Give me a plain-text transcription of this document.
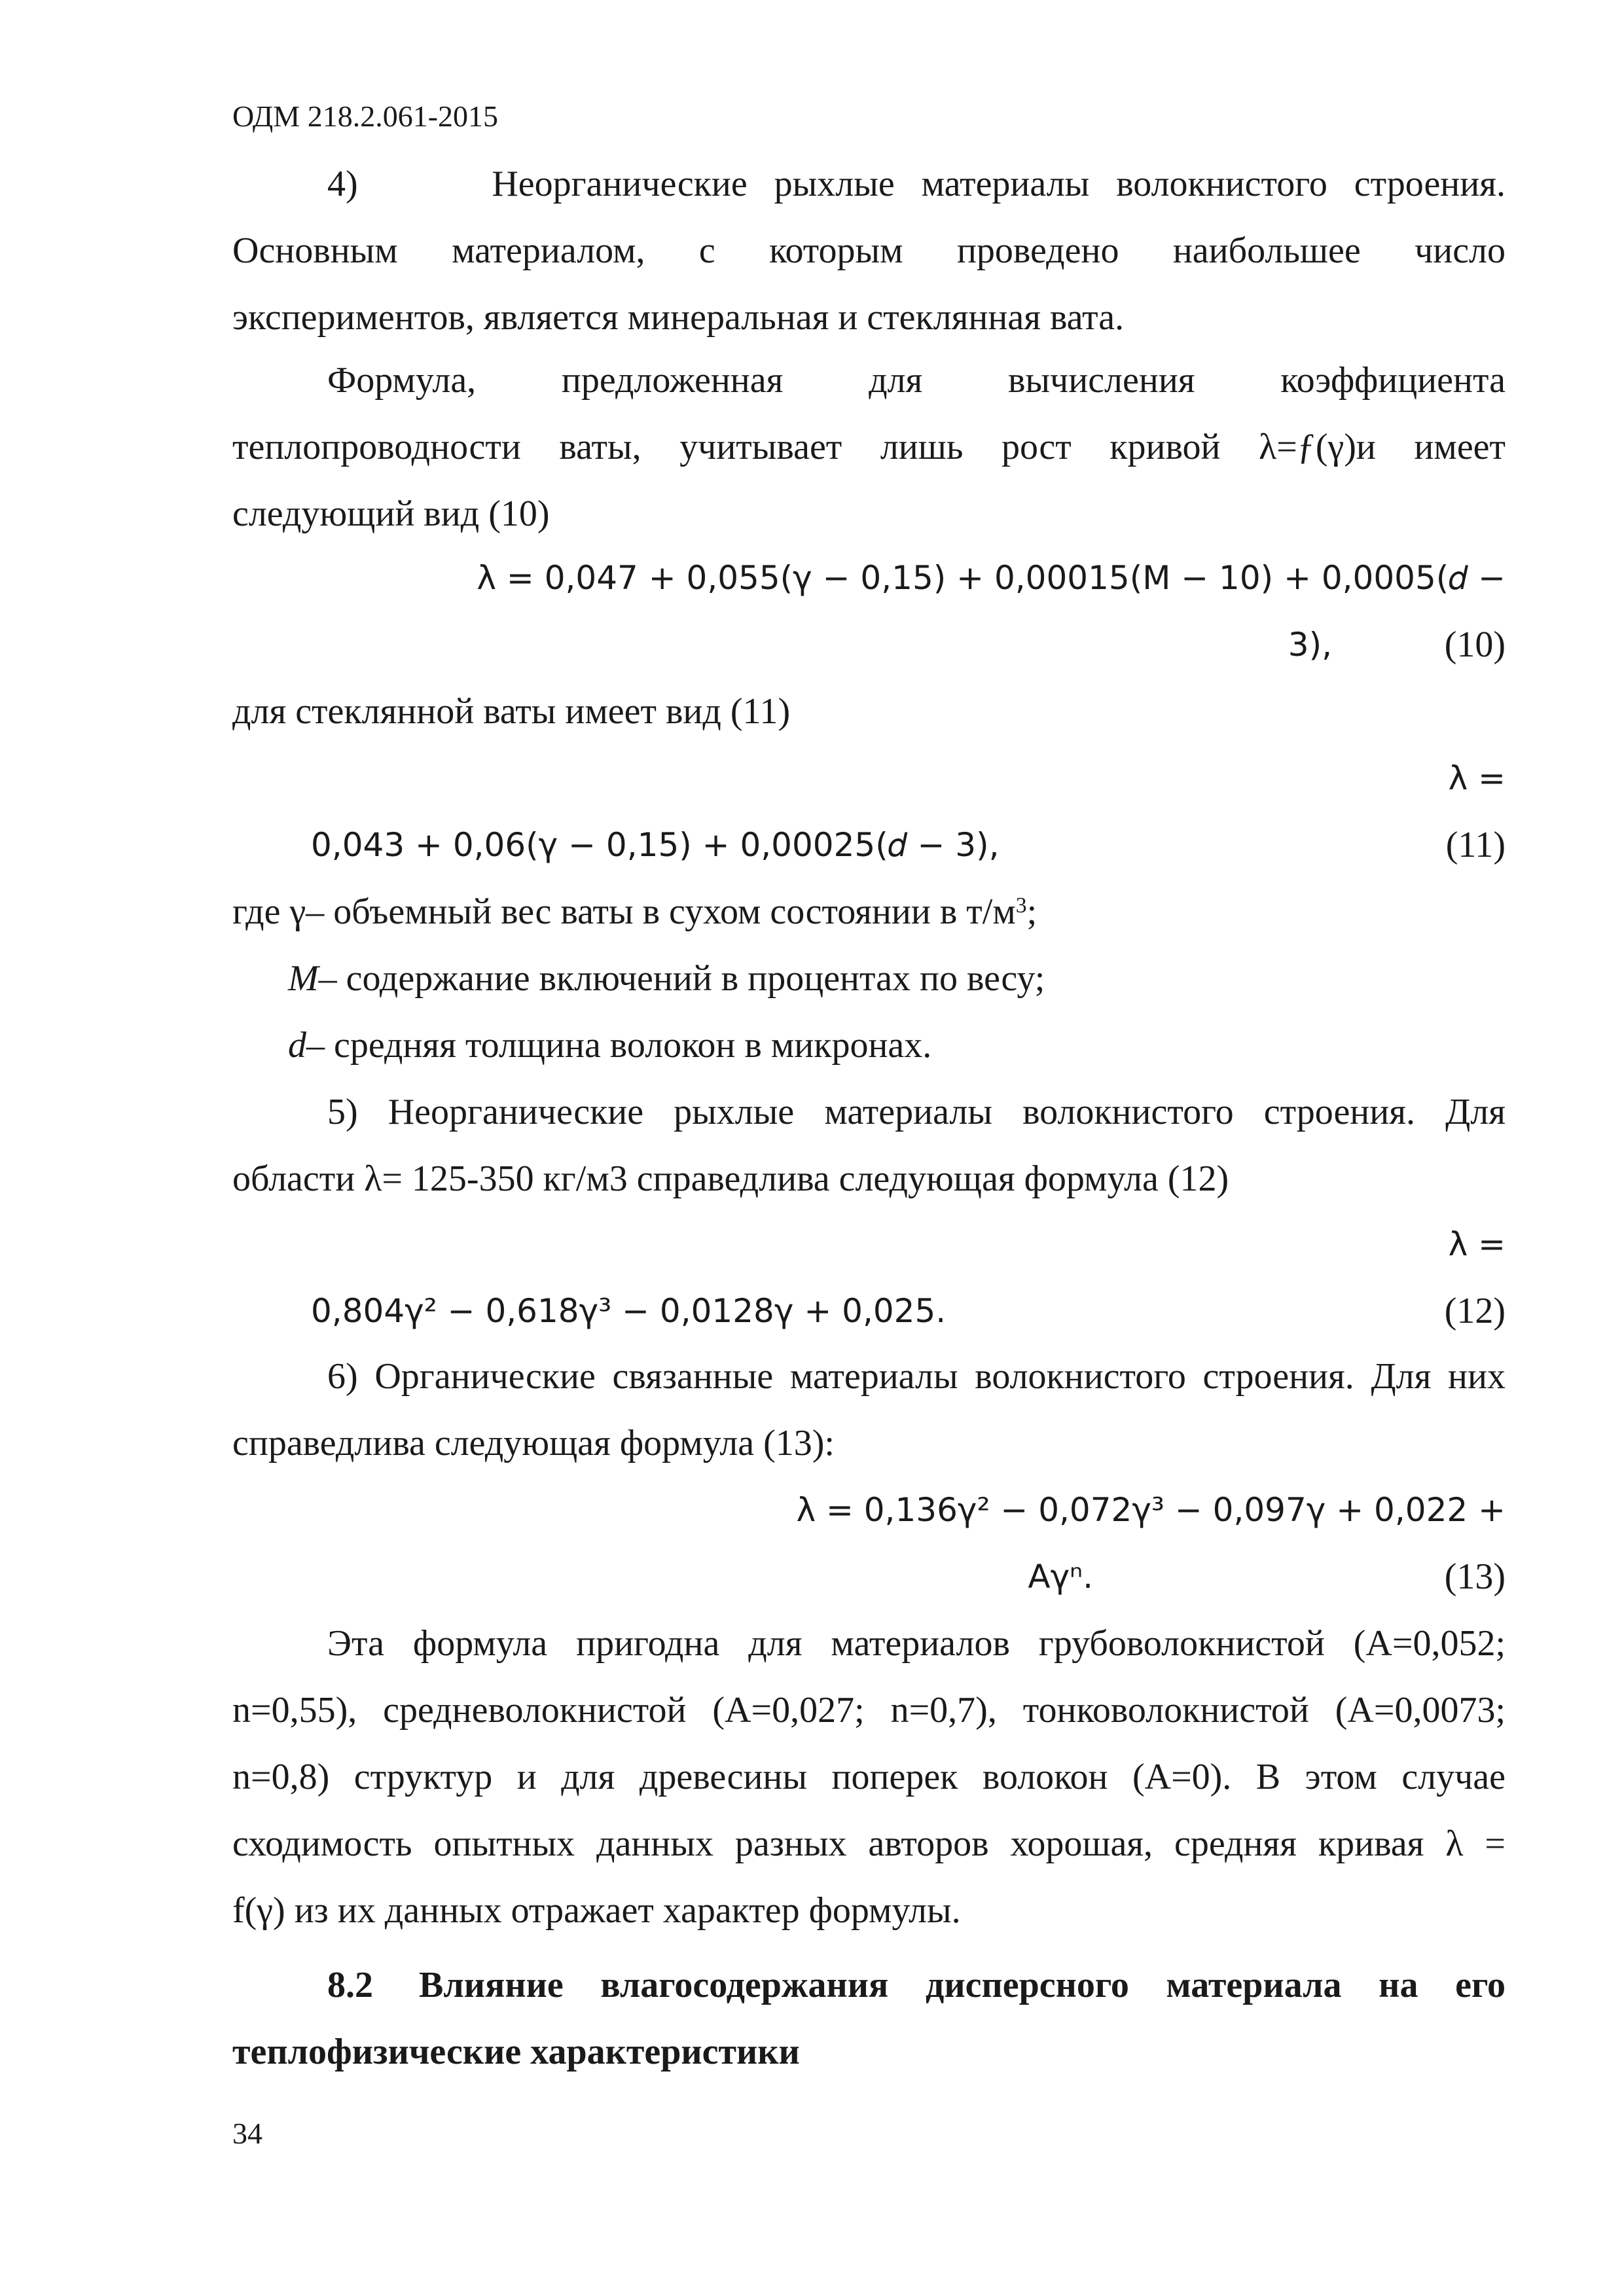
ОДМ 218.2.061-2015
4)	Неорганические рыхлые материалы волокнистого строения.
Основным материалом, с которым проведено наибольшее число
экспериментов, является минеральная и стеклянная вата.
Формула, предложенная для вычисления коэффициента
теплопроводности ваты, учитывает лишь рост кривой λ=ƒ(γ)и имеет
следующий вид (10)
λ = 0,047 + 0,055(γ − 0,15) + 0,00015(M − 10) + 0,0005(𝑑 −
3),	(10)
для стеклянной ваты имеет вид (11)
λ =
0,043 + 0,06(γ − 0,15) + 0,00025(𝑑 − 3),	(11)
где γ– объемный вес ваты в сухом состоянии в $т/м^3$;
M– содержание включений в процентах по весу;
d– средняя толщина волокон в микронах.
5) Неорганические рыхлые материалы волокнистого строения. Для
области λ= 125-350 кг/м3 справедлива следующая формула (12)
λ =
0,804γ² − 0,618γ³ − 0,0128γ + 0,025.	(12)
6) Органические связанные материалы волокнистого строения. Для них
справедлива следующая формула (13):
λ = 0,136γ² − 0,072γ³ − 0,097γ + 0,022 +
Aγⁿ.	(13)
Эта формула пригодна для материалов грубоволокнистой (A=0,052;
n=0,55), средневолокнистой (A=0,027; n=0,7), тонковолокнистой (A=0,0073;
n=0,8) структур и для древесины поперек волокон (A=0). В этом случае
сходимость опытных данных разных авторов хорошая, средняя кривая λ =
f(γ) из их данных отражает характер формулы.
8.2 Влияние влагосодержания дисперсного материала на его
теплофизические характеристики
34
